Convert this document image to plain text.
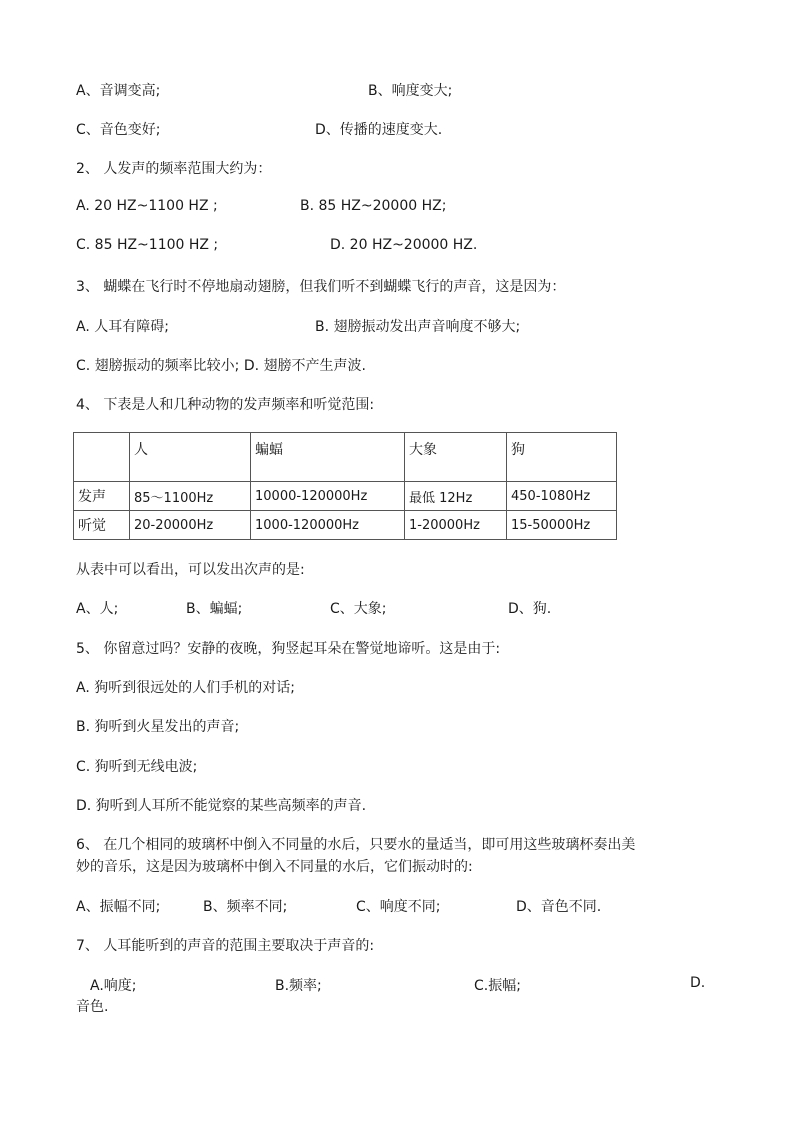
A、音调变高;	B、响度变大;
C、音色变好;	D、传播的速度变大.
2、 人发声的频率范围大约为：
A. 20 HZ~1100 HZ ;	B. 85 HZ~20000 HZ;
C. 85 HZ~1100 HZ ;	D. 20 HZ~20000 HZ.
3、 蝴蝶在飞行时不停地扇动翅膀，但我们听不到蝴蝶飞行的声音，这是因为：
A. 人耳有障碍;	B. 翅膀振动发出声音响度不够大;
C. 翅膀振动的频率比较小; D. 翅膀不产生声波.
4、 下表是人和几种动物的发声频率和听觉范围:
	人	蝙蝠	大象	狗
发声	85～1100Hz	10000-120000Hz	最低 12Hz	450-1080Hz
听觉	20-20000Hz	1000-120000Hz	1-20000Hz	15-50000Hz
从表中可以看出，可以发出次声的是:
A、人;	B、蝙蝠;	C、大象;	D、狗.
5、 你留意过吗？安静的夜晚，狗竖起耳朵在警觉地谛听。这是由于:
A. 狗听到很远处的人们手机的对话;
B. 狗听到火星发出的声音;
C. 狗听到无线电波;
D. 狗听到人耳所不能觉察的某些高频率的声音.
6、 在几个相同的玻璃杯中倒入不同量的水后，只要水的量适当，即可用这些玻璃杯奏出美
妙的音乐，这是因为玻璃杯中倒入不同量的水后，它们振动时的:
A、振幅不同;	B、频率不同;	C、响度不同;	D、音色不同.
7、 人耳能听到的声音的范围主要取决于声音的:
A.响度;	B.频率;	C.振幅;	D.
音色.
